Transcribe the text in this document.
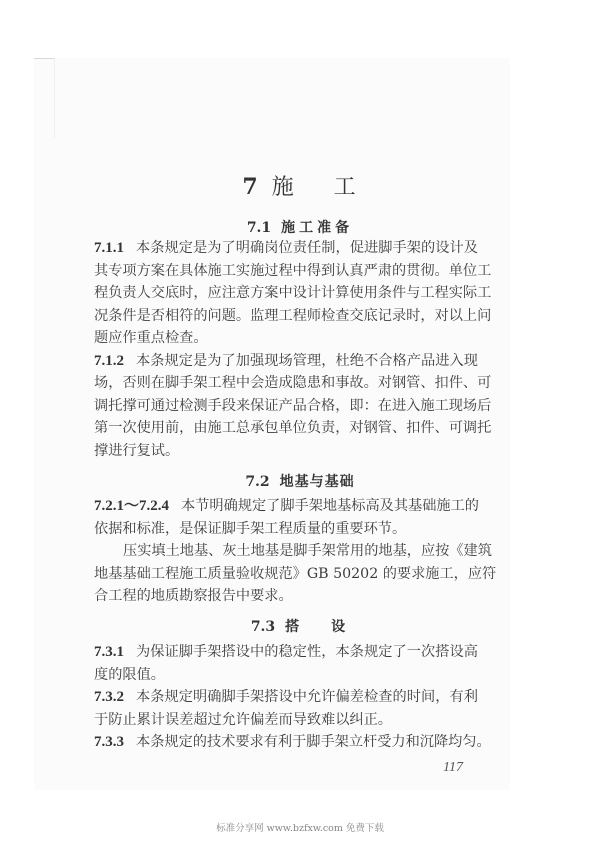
7 施 工
7.1 施工准备
7.1.1 本条规定是为了明确岗位责任制，促进脚手架的设计及
其专项方案在具体施工实施过程中得到认真严肃的贯彻。单位工
程负责人交底时，应注意方案中设计计算使用条件与工程实际工
况条件是否相符的问题。监理工程师检查交底记录时，对以上问
题应作重点检查。
7.1.2 本条规定是为了加强现场管理，杜绝不合格产品进入现
场，否则在脚手架工程中会造成隐患和事故。对钢管、扣件、可
调托撑可通过检测手段来保证产品合格，即：在进入施工现场后
第一次使用前，由施工总承包单位负责，对钢管、扣件、可调托
撑进行复试。
7.2 地基与基础
7.2.1～7.2.4 本节明确规定了脚手架地基标高及其基础施工的
依据和标准，是保证脚手架工程质量的重要环节。
压实填土地基、灰土地基是脚手架常用的地基，应按《建筑
地基基础工程施工质量验收规范》GB 50202 的要求施工，应符
合工程的地质勘察报告中要求。
7.3 搭 设
7.3.1 为保证脚手架搭设中的稳定性，本条规定了一次搭设高
度的限值。
7.3.2 本条规定明确脚手架搭设中允许偏差检查的时间，有利
于防止累计误差超过允许偏差而导致难以纠正。
7.3.3 本条规定的技术要求有利于脚手架立杆受力和沉降均匀。
117
标准分享网 www.bzfxw.com 免费下载
